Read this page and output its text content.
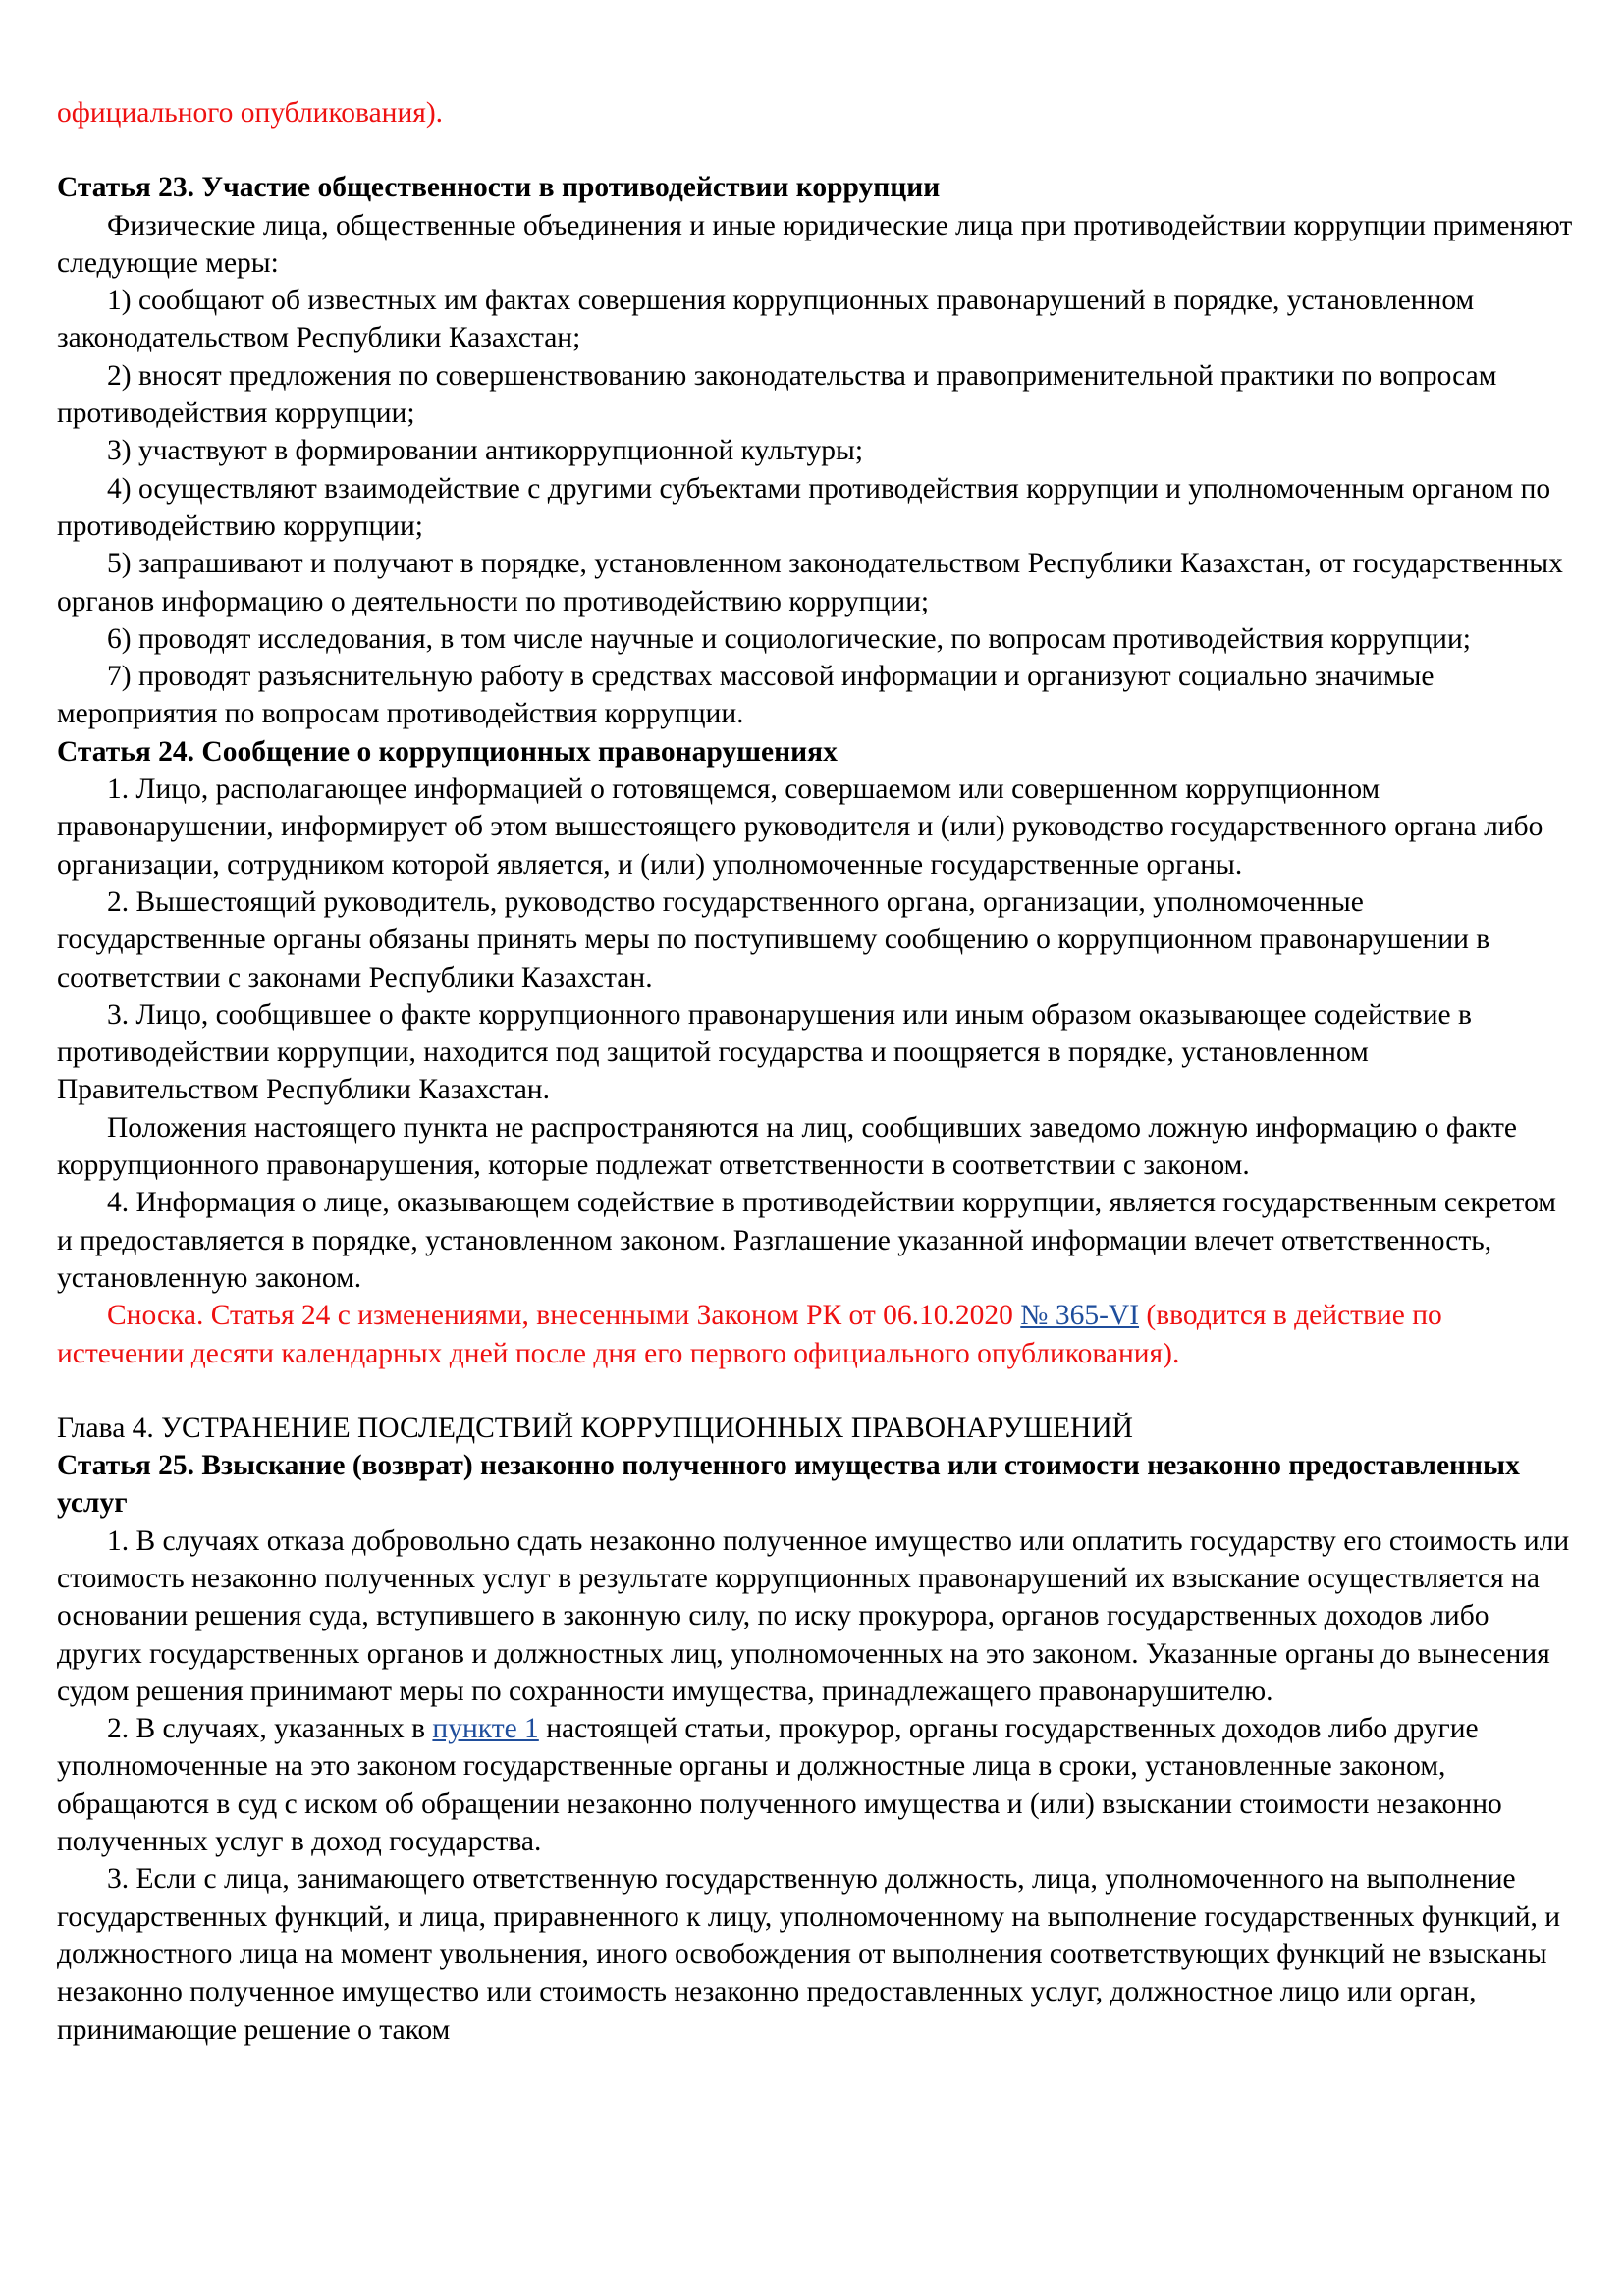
официального опубликования).

Статья 23. Участие общественности в противодействии коррупции

Физические лица, общественные объединения и иные юридические лица при противодействии коррупции применяют следующие меры:

1) сообщают об известных им фактах совершения коррупционных правонарушений в порядке, установленном законодательством Республики Казахстан;

2) вносят предложения по совершенствованию законодательства и правоприменительной практики по вопросам противодействия коррупции;

3) участвуют в формировании антикоррупционной культуры;

4) осуществляют взаимодействие с другими субъектами противодействия коррупции и уполномоченным органом по противодействию коррупции;

5) запрашивают и получают в порядке, установленном законодательством Республики Казахстан, от государственных органов информацию о деятельности по противодействию коррупции;

6) проводят исследования, в том числе научные и социологические, по вопросам противодействия коррупции;

7) проводят разъяснительную работу в средствах массовой информации и организуют социально значимые мероприятия по вопросам противодействия коррупции.

Статья 24. Сообщение о коррупционных правонарушениях

1. Лицо, располагающее информацией о готовящемся, совершаемом или совершенном коррупционном правонарушении, информирует об этом вышестоящего руководителя и (или) руководство государственного органа либо организации, сотрудником которой является, и (или) уполномоченные государственные органы.

2. Вышестоящий руководитель, руководство государственного органа, организации, уполномоченные государственные органы обязаны принять меры по поступившему сообщению о коррупционном правонарушении в соответствии с законами Республики Казахстан.

3. Лицо, сообщившее о факте коррупционного правонарушения или иным образом оказывающее содействие в противодействии коррупции, находится под защитой государства и поощряется в порядке, установленном Правительством Республики Казахстан.

Положения настоящего пункта не распространяются на лиц, сообщивших заведомо ложную информацию о факте коррупционного правонарушения, которые подлежат ответственности в соответствии с законом.

4. Информация о лице, оказывающем содействие в противодействии коррупции, является государственным секретом и предоставляется в порядке, установленном законом. Разглашение указанной информации влечет ответственность, установленную законом.

Сноска. Статья 24 с изменениями, внесенными Законом РК от 06.10.2020 № 365-VI (вводится в действие по истечении десяти календарных дней после дня его первого официального опубликования).

Глава 4. УСТРАНЕНИЕ ПОСЛЕДСТВИЙ КОРРУПЦИОННЫХ ПРАВОНАРУШЕНИЙ

Статья 25. Взыскание (возврат) незаконно полученного имущества или стоимости незаконно предоставленных услуг

1. В случаях отказа добровольно сдать незаконно полученное имущество или оплатить государству его стоимость или стоимость незаконно полученных услуг в результате коррупционных правонарушений их взыскание осуществляется на основании решения суда, вступившего в законную силу, по иску прокурора, органов государственных доходов либо других государственных органов и должностных лиц, уполномоченных на это законом. Указанные органы до вынесения судом решения принимают меры по сохранности имущества, принадлежащего правонарушителю.

2. В случаях, указанных в пункте 1 настоящей статьи, прокурор, органы государственных доходов либо другие уполномоченные на это законом государственные органы и должностные лица в сроки, установленные законом, обращаются в суд с иском об обращении незаконно полученного имущества и (или) взыскании стоимости незаконно полученных услуг в доход государства.

3. Если с лица, занимающего ответственную государственную должность, лица, уполномоченного на выполнение государственных функций, и лица, приравненного к лицу, уполномоченному на выполнение государственных функций, и должностного лица на момент увольнения, иного освобождения от выполнения соответствующих функций не взысканы незаконно полученное имущество или стоимость незаконно предоставленных услуг, должностное лицо или орган, принимающие решение о таком
